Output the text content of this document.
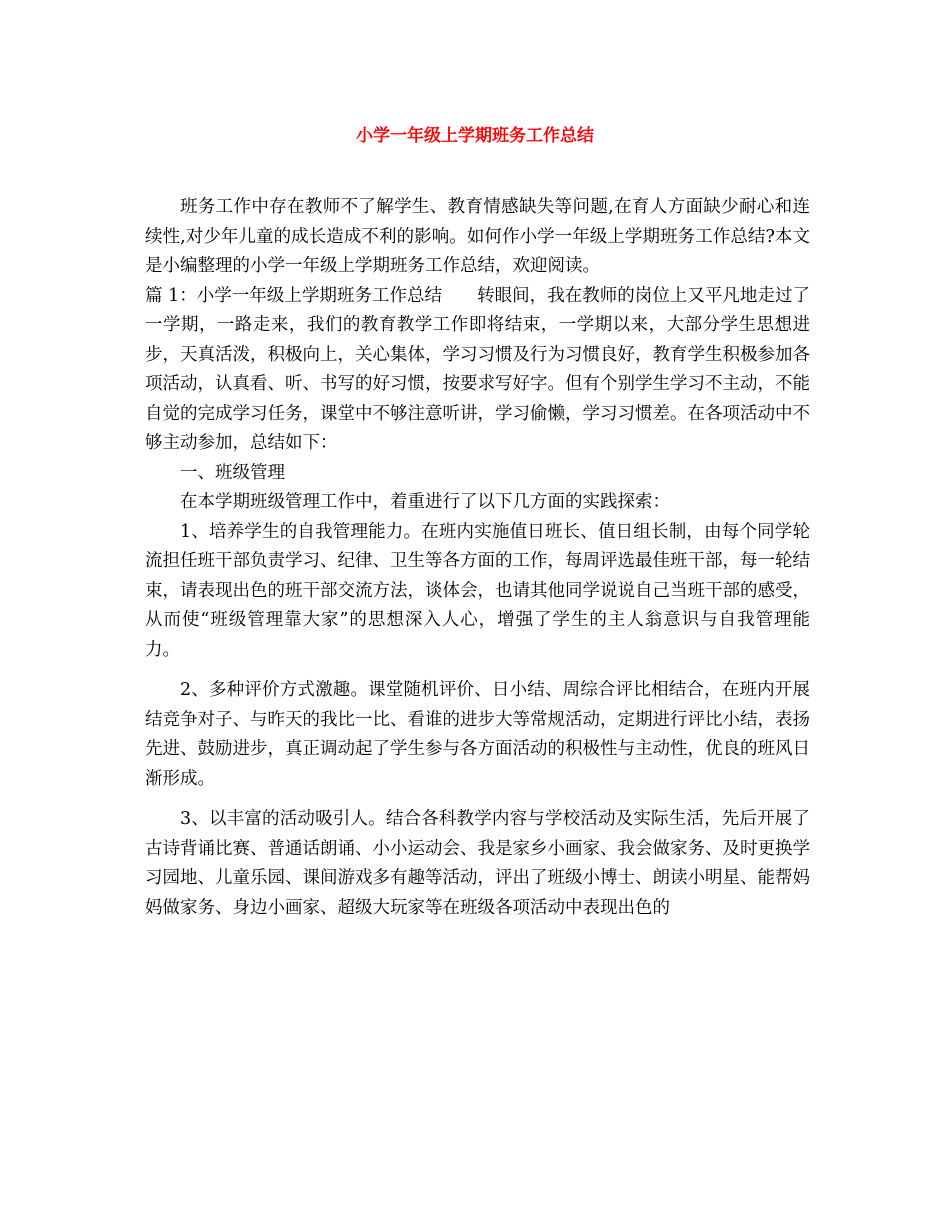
小学一年级上学期班务工作总结

班务工作中存在教师不了解学生、教育情感缺失等问题,在育人方面缺少耐心和连续性,对少年儿童的成长造成不利的影响。如何作小学一年级上学期班务工作总结?本文是小编整理的小学一年级上学期班务工作总结，欢迎阅读。

篇 1：小学一年级上学期班务工作总结　　转眼间，我在教师的岗位上又平凡地走过了一学期，一路走来，我们的教育教学工作即将结束，一学期以来，大部分学生思想进步，天真活泼，积极向上，关心集体，学习习惯及行为习惯良好，教育学生积极参加各项活动，认真看、听、书写的好习惯，按要求写好字。但有个别学生学习不主动，不能自觉的完成学习任务，课堂中不够注意听讲，学习偷懒，学习习惯差。在各项活动中不够主动参加，总结如下：

一、班级管理

在本学期班级管理工作中，着重进行了以下几方面的实践探索：

1、培养学生的自我管理能力。在班内实施值日班长、值日组长制，由每个同学轮流担任班干部负责学习、纪律、卫生等各方面的工作，每周评选最佳班干部，每一轮结束，请表现出色的班干部交流方法，谈体会，也请其他同学说说自己当班干部的感受，从而使“班级管理靠大家”的思想深入人心，增强了学生的主人翁意识与自我管理能力。

2、多种评价方式激趣。课堂随机评价、日小结、周综合评比相结合，在班内开展结竞争对子、与昨天的我比一比、看谁的进步大等常规活动，定期进行评比小结，表扬先进、鼓励进步，真正调动起了学生参与各方面活动的积极性与主动性，优良的班风日渐形成。

3、以丰富的活动吸引人。结合各科教学内容与学校活动及实际生活，先后开展了古诗背诵比赛、普通话朗诵、小小运动会、我是家乡小画家、我会做家务、及时更换学习园地、儿童乐园、课间游戏多有趣等活动，评出了班级小博士、朗读小明星、能帮妈妈做家务、身边小画家、超级大玩家等在班级各项活动中表现出色的
